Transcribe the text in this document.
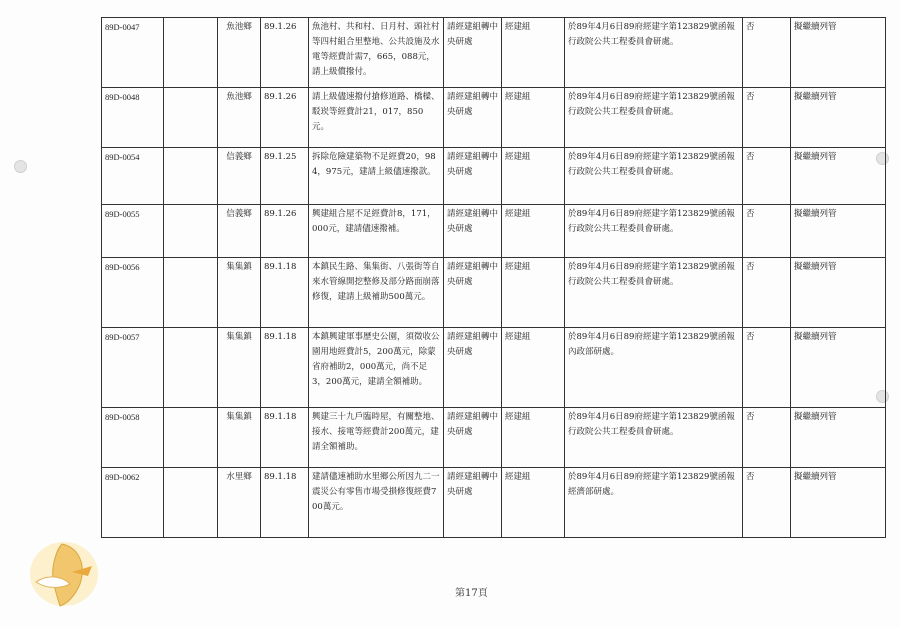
89D-0047		魚池鄉	89.1.26	魚池村、共和村、日月村、頭社村等四村組合里整地、公共設施及水電等經費計需7，665，088元，請上級償撥付。	請經建組轉中央研處	經建組	於89年4月6日89府經建字第123829號函報行政院公共工程委員會研處。	否	擬繼續列管
89D-0048		魚池鄉	89.1.26	請上級儘速撥付搶修道路、橋樑、駁崁等經費計21，017，850元。	請經建組轉中央研處	經建組	於89年4月6日89府經建字第123829號函報行政院公共工程委員會研處。	否	擬繼續列管
89D-0054		信義鄉	89.1.25	拆除危險建築物不足經費20，984，975元，建請上級儘速撥款。	請經建組轉中央研處	經建組	於89年4月6日89府經建字第123829號函報行政院公共工程委員會研處。	否	擬繼續列管
89D-0055		信義鄉	89.1.26	興建組合屋不足經費計8，171，000元，建請儘速撥補。	請經建組轉中央研處	經建組	於89年4月6日89府經建字第123829號函報行政院公共工程委員會研處。	否	擬繼續列管
89D-0056		集集鎮	89.1.18	本鎮民生路、集集街、八張街等自來水管線開挖整修及部分路面崩落修復，建請上級補助500萬元。	請經建組轉中央研處	經建組	於89年4月6日89府經建字第123829號函報行政院公共工程委員會研處。	否	擬繼續列管
89D-0057		集集鎮	89.1.18	本鎮興建軍事歷史公園，須徵收公園用地經費計5，200萬元，除蒙省府補助2，000萬元，尚不足3，200萬元，建請全額補助。	請經建組轉中央研處	經建組	於89年4月6日89府經建字第123829號函報內政部研處。	否	擬繼續列管
89D-0058		集集鎮	89.1.18	興建三十九戶臨時屋，有關整地、接水、接電等經費計200萬元，建請全額補助。	請經建組轉中央研處	經建組	於89年4月6日89府經建字第123829號函報行政院公共工程委員會研處。	否	擬繼續列管
89D-0062		水里鄉	89.1.18	建請儘速補助水里鄉公所因九二一震災公有零售市場受損修復經費700萬元。	請經建組轉中央研處	經建組	於89年4月6日89府經建字第123829號函報經濟部研處。	否	擬繼續列管
第17頁
